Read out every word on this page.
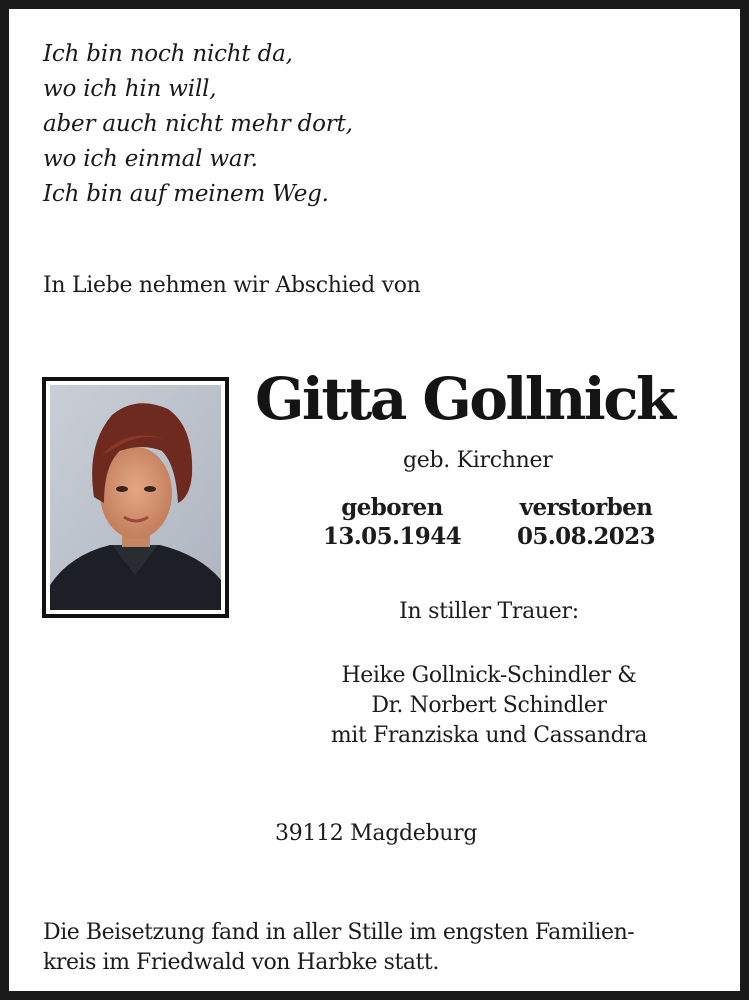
Ich bin noch nicht da,
wo ich hin will,
aber auch nicht mehr dort,
wo ich einmal war.
Ich bin auf meinem Weg.
In Liebe nehmen wir Abschied von
Gitta Gollnick
geb. Kirchner
geboren
13.05.1944
verstorben
05.08.2023
In stiller Trauer:
Heike Gollnick-Schindler &
Dr. Norbert Schindler
mit Franziska und Cassandra
39112 Magdeburg
Die Beisetzung fand in aller Stille im engsten Familien-
kreis im Friedwald von Harbke statt.
